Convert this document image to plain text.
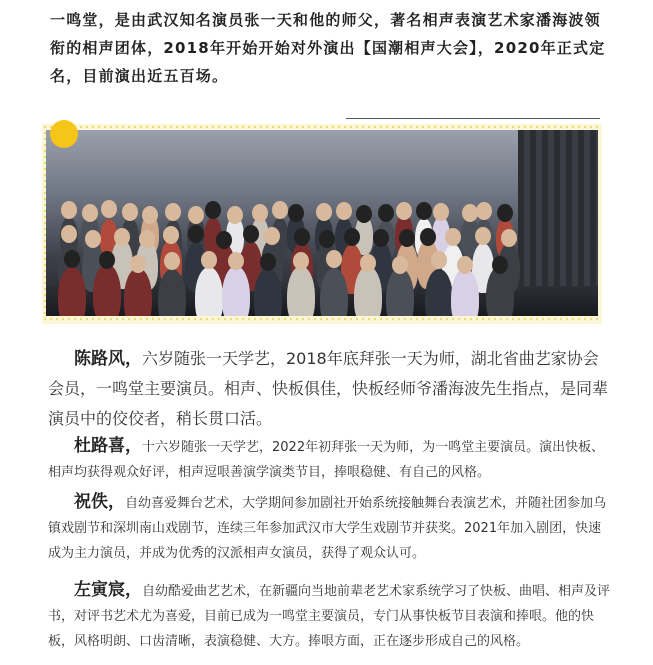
一鸣堂，是由武汉知名演员张一天和他的师父，著名相声表演艺术家潘海波领衔的相声团体，2018年开始开始对外演出【国潮相声大会】，2020年正式定名，目前演出近五百场。
陈路风，六岁随张一天学艺，2018年底拜张一天为师，湖北省曲艺家协会会员，一鸣堂主要演员。相声、快板俱佳，快板经师爷潘海波先生指点，是同辈演员中的佼佼者，稍长贯口活。
杜路喜，十六岁随张一天学艺，2022年初拜张一天为师，为一鸣堂主要演员。演出快板、相声均获得观众好评，相声逗哏善演学演类节目，捧哏稳健、有自己的风格。
祝佚，自幼喜爱舞台艺术，大学期间参加剧社开始系统接触舞台表演艺术，并随社团参加乌镇戏剧节和深圳南山戏剧节，连续三年参加武汉市大学生戏剧节并获奖。2021年加入剧团，快速成为主力演员，并成为优秀的汉派相声女演员，获得了观众认可。
左寅宸，自幼酷爱曲艺艺术，在新疆向当地前辈老艺术家系统学习了快板、曲唱、相声及评书，对评书艺术尤为喜爱，目前已成为一鸣堂主要演员，专门从事快板节目表演和捧哏。他的快板，风格明朗、口齿清晰，表演稳健、大方。捧哏方面，正在逐步形成自己的风格。
